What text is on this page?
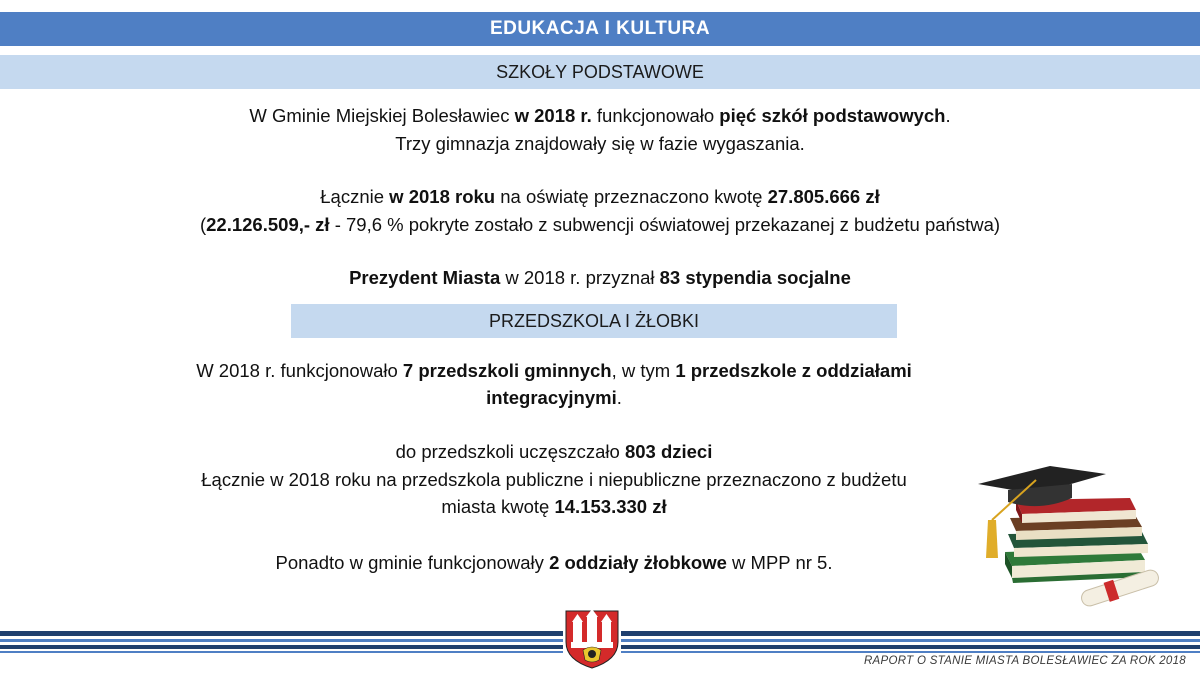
EDUKACJA I KULTURA
SZKOŁY PODSTAWOWE
W Gminie Miejskiej Bolesławiec w 2018 r. funkcjonowało pięć szkół podstawowych.
Trzy gimnazja znajdowały się w fazie wygaszania.
Łącznie w 2018 roku na oświatę przeznaczono kwotę 27.805.666 zł
(22.126.509,- zł - 79,6 % pokryte zostało z subwencji oświatowej przekazanej z budżetu państwa)
Prezydent Miasta w 2018 r. przyznał 83 stypendia socjalne
PRZEDSZKOLA I ŻŁOBKI
W 2018 r. funkcjonowało 7 przedszkoli gminnych, w tym 1 przedszkole z oddziałami
integracyjnymi.
do przedszkoli uczęszczało 803 dzieci
Łącznie w 2018 roku na przedszkola publiczne i niepubliczne przeznaczono z budżetu
miasta kwotę 14.153.330 zł
Ponadto w gminie funkcjonowały 2 oddziały żłobkowe w MPP nr 5.
RAPORT O STANIE MIASTA BOLESŁAWIEC ZA ROK 2018
